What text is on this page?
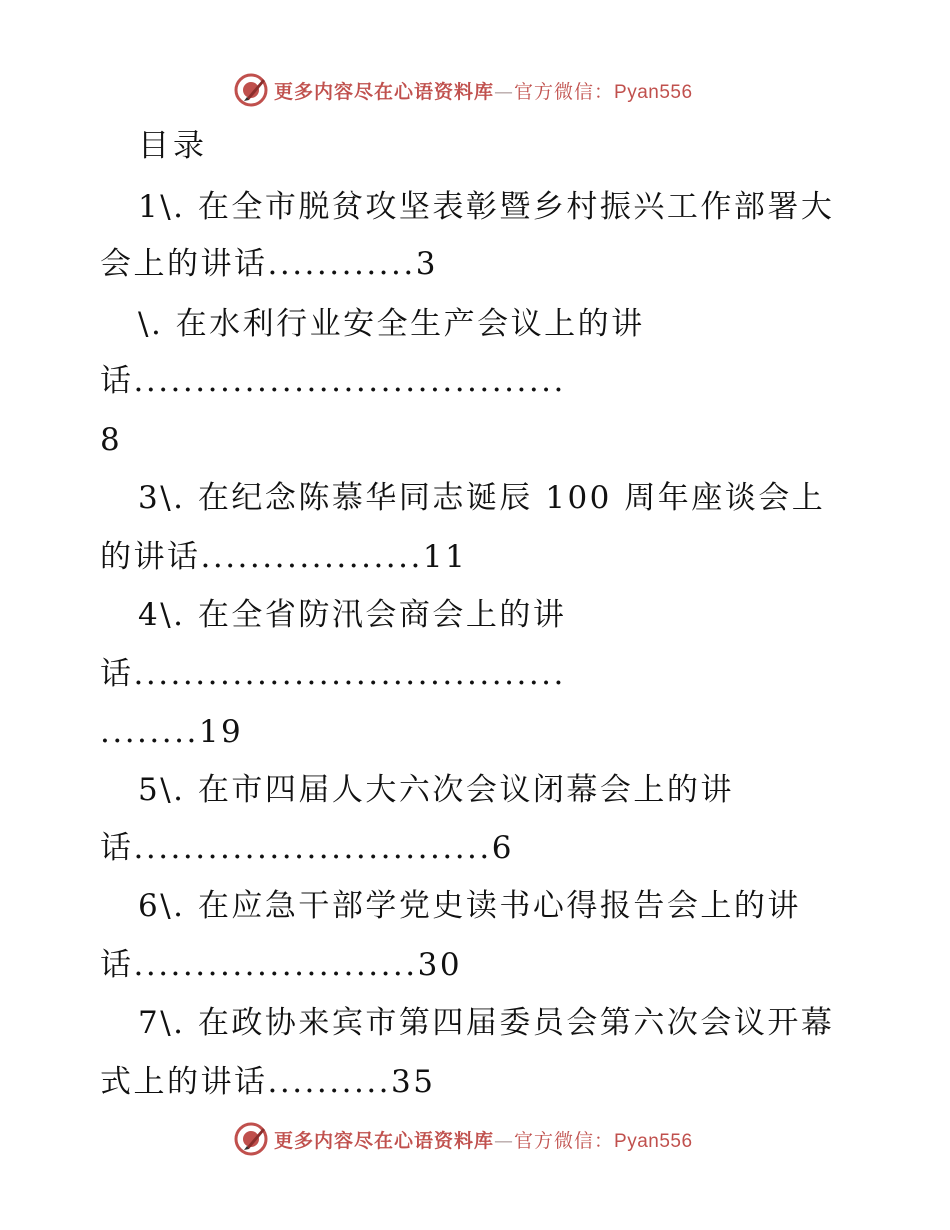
更多内容尽在心语资料库—官方微信：Pyan556
目录
1\. 在全市脱贫攻坚表彰暨乡村振兴工作部署大
会上的讲话............3
\. 在水利行业安全生产会议上的讲
话...................................
8
3\. 在纪念陈慕华同志诞辰 100 周年座谈会上
的讲话..................11
4\. 在全省防汛会商会上的讲
话...................................
........19
5\. 在市四届人大六次会议闭幕会上的讲
话.............................6
6\. 在应急干部学党史读书心得报告会上的讲
话.......................30
7\. 在政协来宾市第四届委员会第六次会议开幕
式上的讲话..........35
更多内容尽在心语资料库—官方微信：Pyan556
